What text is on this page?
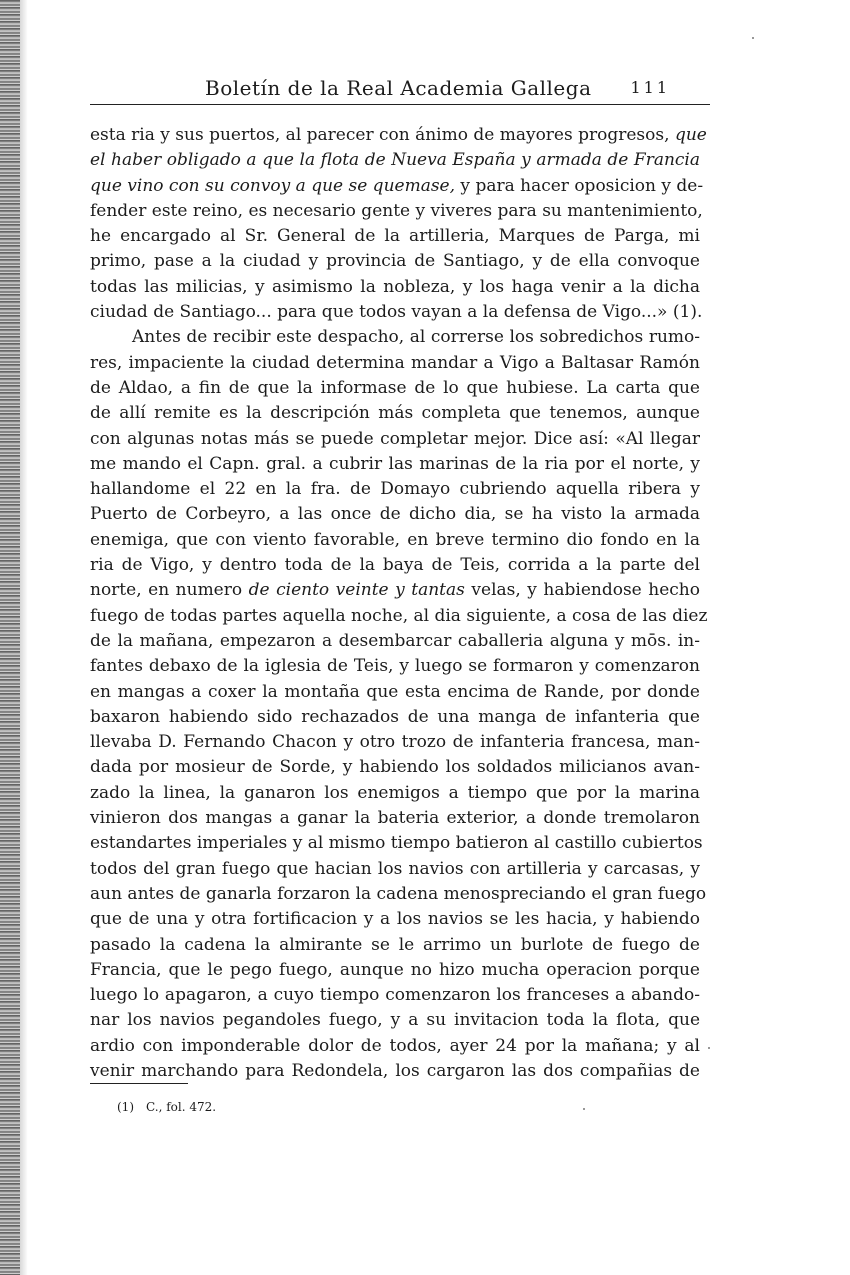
Boletín de la Real Academia Gallega 111
esta ria y sus puertos, al parecer con ánimo de mayores progresos, que
el haber obligado a que la flota de Nueva España y armada de Francia
que vino con su convoy a que se quemase, y para hacer oposicion y de-
fender este reino, es necesario gente y viveres para su mantenimiento,
he encargado al Sr. General de la artilleria, Marques de Parga, mi
primo, pase a la ciudad y provincia de Santiago, y de ella convoque
todas las milicias, y asimismo la nobleza, y los haga venir a la dicha
ciudad de Santiago... para que todos vayan a la defensa de Vigo...» (1).
Antes de recibir este despacho, al correrse los sobredichos rumo-
res, impaciente la ciudad determina mandar a Vigo a Baltasar Ramón
de Aldao, a fin de que la informase de lo que hubiese. La carta que
de allí remite es la descripción más completa que tenemos, aunque
con algunas notas más se puede completar mejor. Dice así: «Al llegar
me mando el Capn. gral. a cubrir las marinas de la ria por el norte, y
hallandome el 22 en la fra. de Domayo cubriendo aquella ribera y
Puerto de Corbeyro, a las once de dicho dia, se ha visto la armada
enemiga, que con viento favorable, en breve termino dio fondo en la
ria de Vigo, y dentro toda de la baya de Teis, corrida a la parte del
norte, en numero de ciento veinte y tantas velas, y habiendose hecho
fuego de todas partes aquella noche, al dia siguiente, a cosa de las diez
de la mañana, empezaron a desembarcar caballeria alguna y mōs. in-
fantes debaxo de la iglesia de Teis, y luego se formaron y comenzaron
en mangas a coxer la montaña que esta encima de Rande, por donde
baxaron habiendo sido rechazados de una manga de infanteria que
llevaba D. Fernando Chacon y otro trozo de infanteria francesa, man-
dada por mosieur de Sorde, y habiendo los soldados milicianos avan-
zado la linea, la ganaron los enemigos a tiempo que por la marina
vinieron dos mangas a ganar la bateria exterior, a donde tremolaron
estandartes imperiales y al mismo tiempo batieron al castillo cubiertos
todos del gran fuego que hacian los navios con artilleria y carcasas, y
aun antes de ganarla forzaron la cadena menospreciando el gran fuego
que de una y otra fortificacion y a los navios se les hacia, y habiendo
pasado la cadena la almirante se le arrimo un burlote de fuego de
Francia, que le pego fuego, aunque no hizo mucha operacion porque
luego lo apagaron, a cuyo tiempo comenzaron los franceses a abando-
nar los navios pegandoles fuego, y a su invitacion toda la flota, que
ardio con imponderable dolor de todos, ayer 24 por la mañana; y al
venir marchando para Redondela, los cargaron las dos compañias de
(1) C., fol. 472.
